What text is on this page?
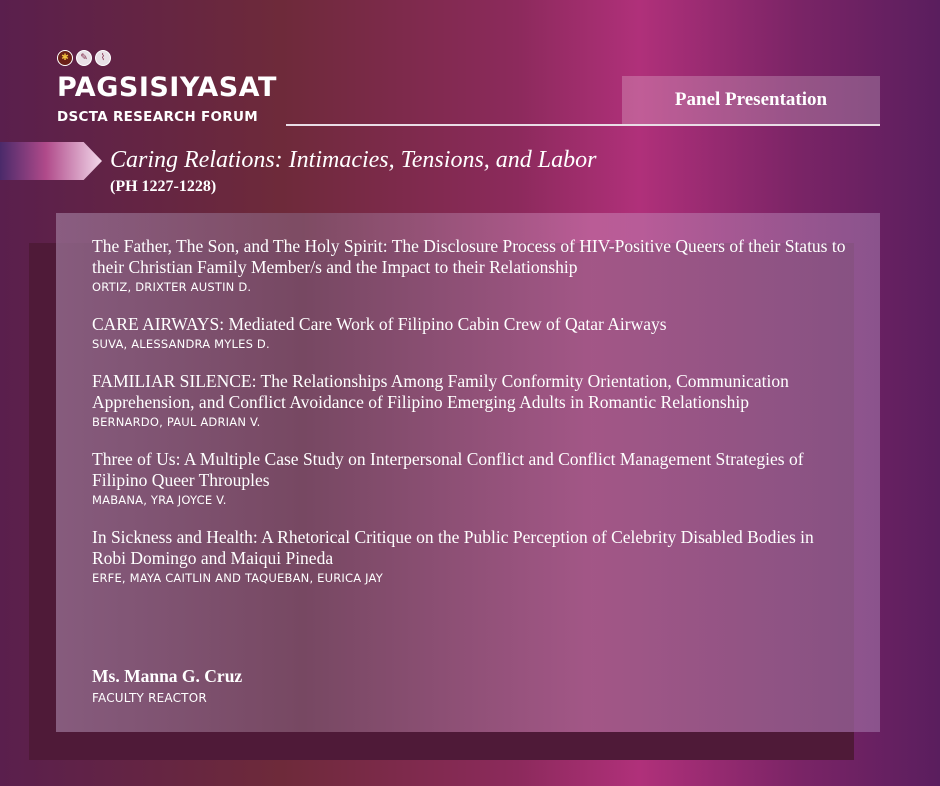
✱	✎	⌇
PAGSISIYASAT
DSCTA RESEARCH FORUM
Panel Presentation
Caring Relations: Intimacies, Tensions, and Labor
(PH 1227-1228)
The Father, The Son, and The Holy Spirit: The Disclosure Process of HIV-Positive Queers of their Status to their Christian Family Member/s and the Impact to their Relationship
ORTIZ, DRIXTER AUSTIN D.
CARE AIRWAYS: Mediated Care Work of Filipino Cabin Crew of Qatar Airways
SUVA, ALESSANDRA MYLES D.
FAMILIAR SILENCE: The Relationships Among Family Conformity Orientation, Communication Apprehension, and Conflict Avoidance of Filipino Emerging Adults in Romantic Relationship
BERNARDO, PAUL ADRIAN V.
Three of Us: A Multiple Case Study on Interpersonal Conflict and Conflict Management Strategies of Filipino Queer Throuples
MABANA, YRA JOYCE V.
In Sickness and Health: A Rhetorical Critique on the Public Perception of Celebrity Disabled Bodies in Robi Domingo and Maiqui Pineda
ERFE, MAYA CAITLIN AND TAQUEBAN, EURICA JAY
Ms. Manna G. Cruz
FACULTY REACTOR
